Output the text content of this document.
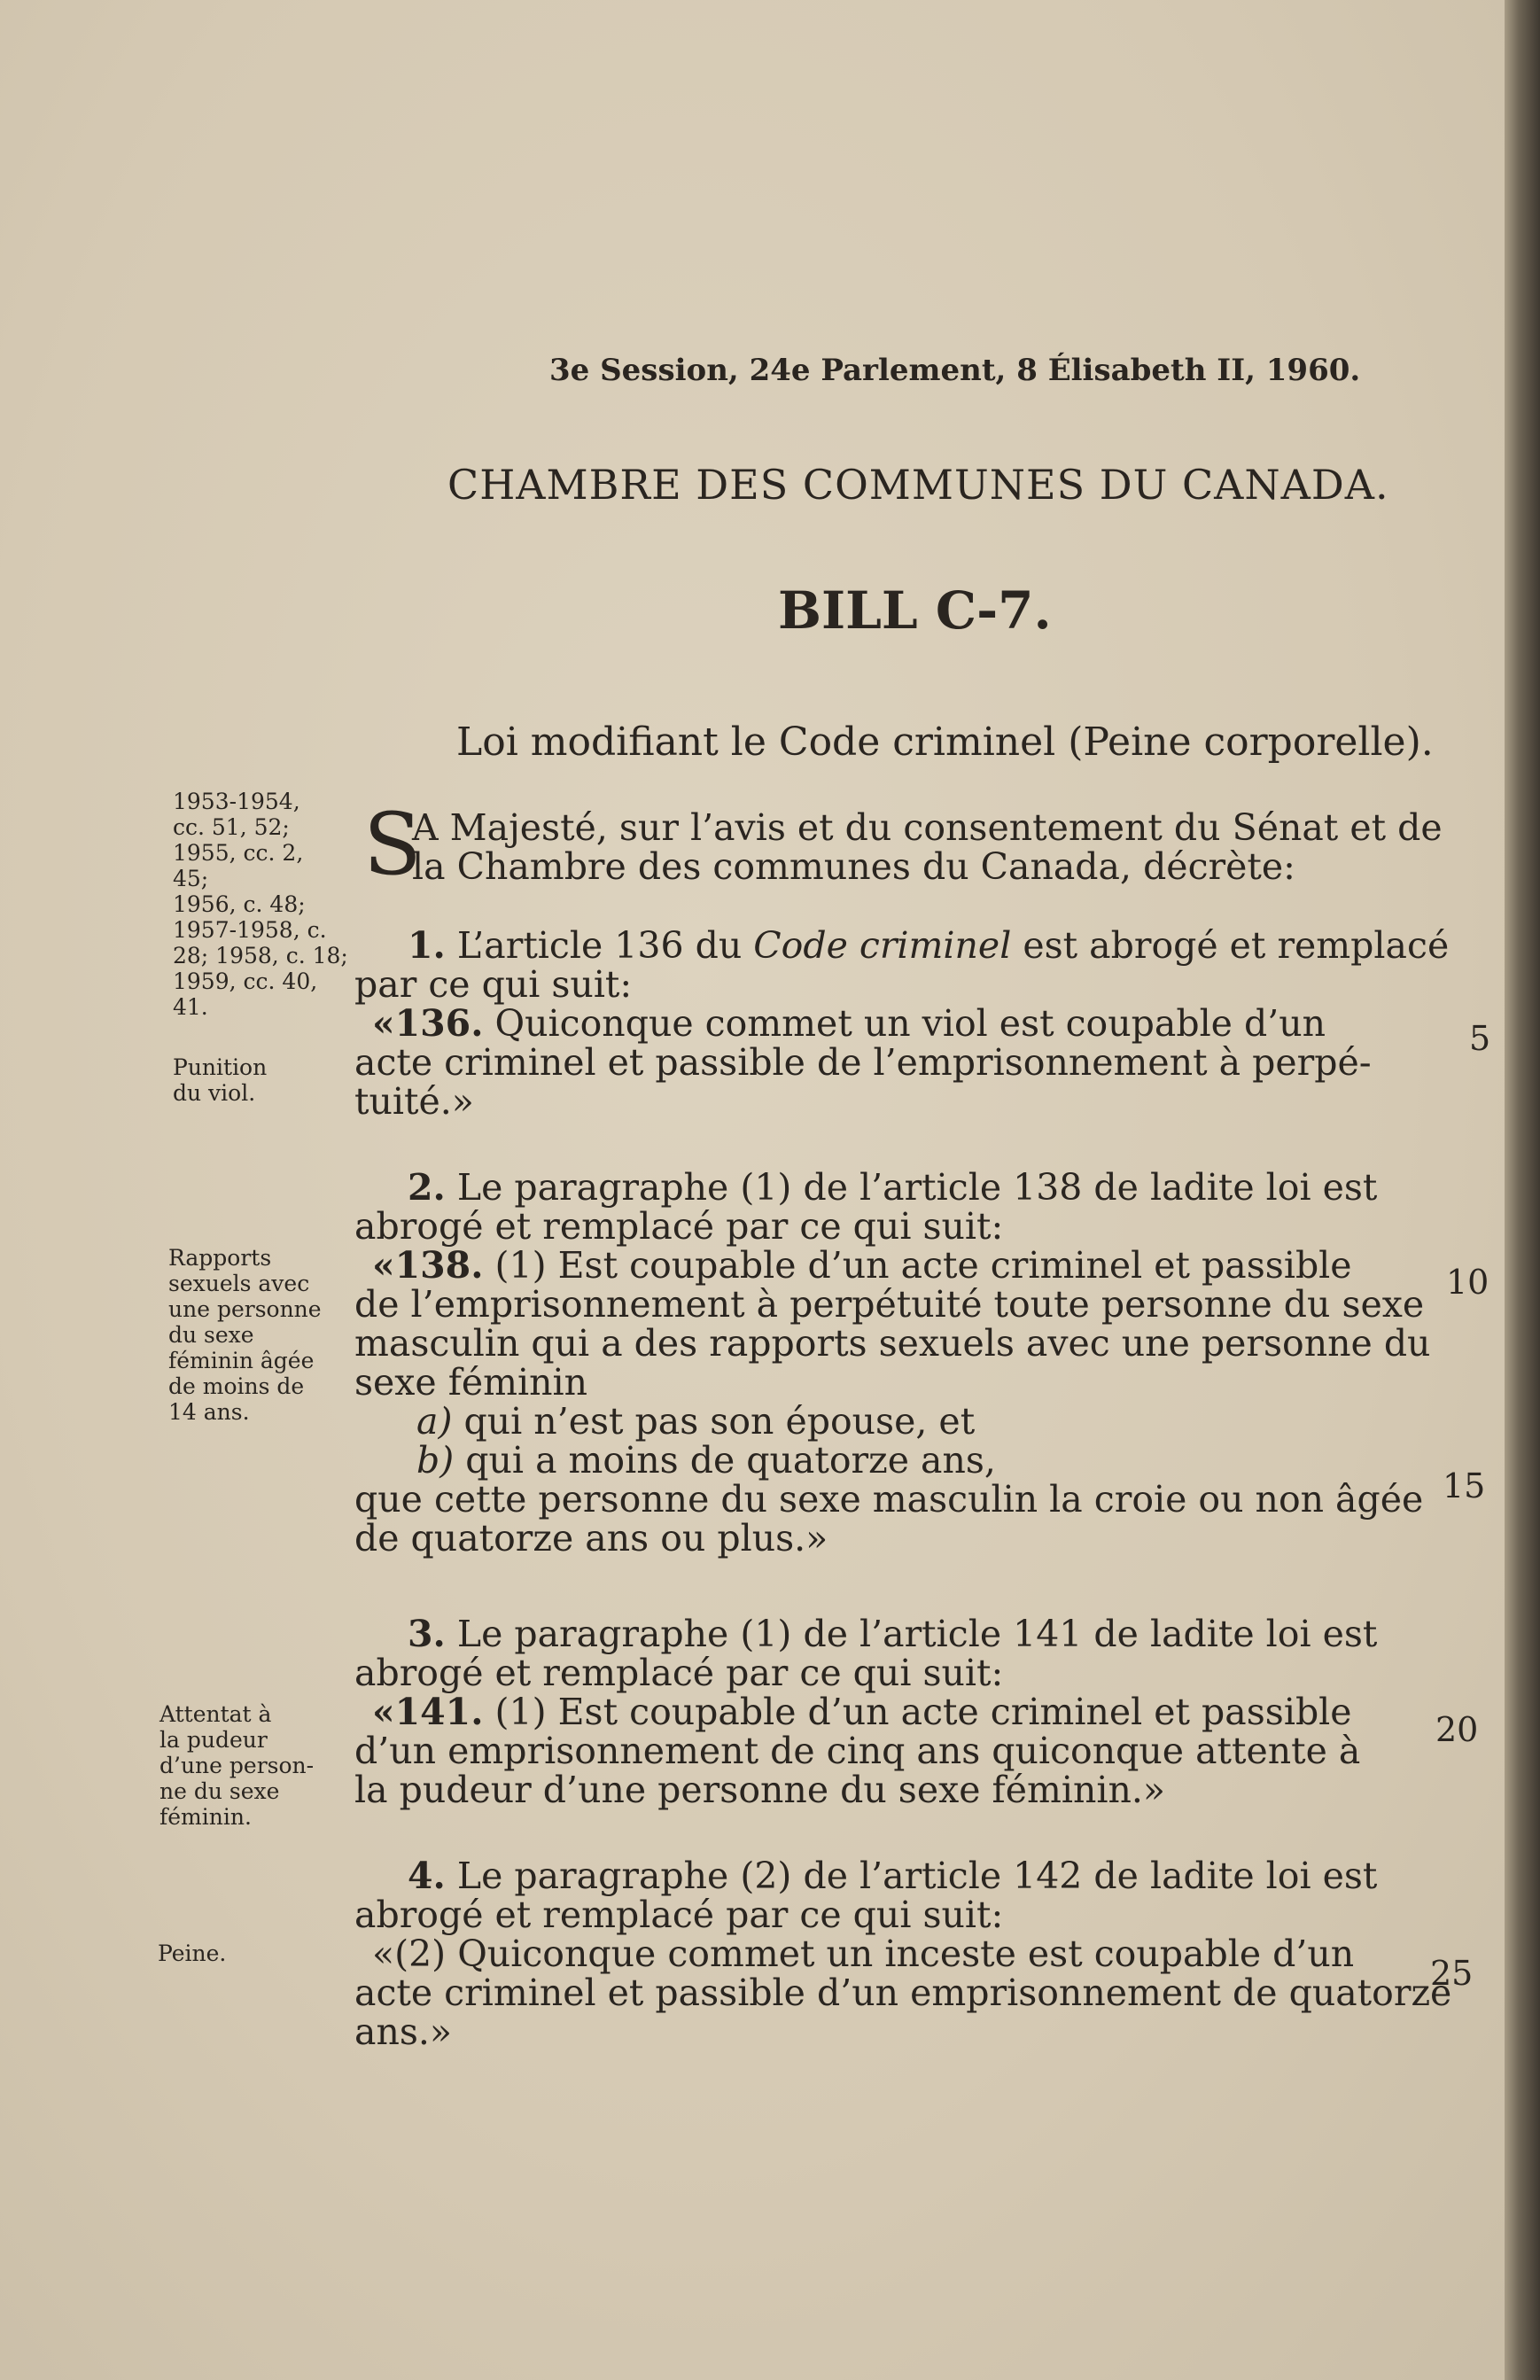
3e Session, 24e Parlement, 8 Élisabeth II, 1960.

CHAMBRE DES COMMUNES DU CANADA.

BILL C-7.

Loi modifiant le Code criminel (Peine corporelle).

1953-1954,
cc. 51, 52;
1955, cc. 2,
45;
1956, c. 48;
1957-1958, c.
28; 1958, c. 18;
1959, cc. 40,
41.
Punition
du viol.
Rapports
sexuels avec
une personne
du sexe
féminin âgée
de moins de
14 ans.
Attentat à
la pudeur
d’une person-
ne du sexe
féminin.
Peine.
S
A Majesté, sur l’avis et du consentement du Sénat et de
la Chambre des communes du Canada, décrète:
1. L’article 136 du Code criminel est abrogé et remplacé
par ce qui suit:
«136. Quiconque commet un viol est coupable d’un
acte criminel et passible de l’emprisonnement à perpé-
tuité.»
2. Le paragraphe (1) de l’article 138 de ladite loi est
abrogé et remplacé par ce qui suit:
«138. (1) Est coupable d’un acte criminel et passible
de l’emprisonnement à perpétuité toute personne du sexe
masculin qui a des rapports sexuels avec une personne du
sexe féminin
a) qui n’est pas son épouse, et
b) qui a moins de quatorze ans,
que cette personne du sexe masculin la croie ou non âgée
de quatorze ans ou plus.»
3. Le paragraphe (1) de l’article 141 de ladite loi est
abrogé et remplacé par ce qui suit:
«141. (1) Est coupable d’un acte criminel et passible
d’un emprisonnement de cinq ans quiconque attente à
la pudeur d’une personne du sexe féminin.»
4. Le paragraphe (2) de l’article 142 de ladite loi est
abrogé et remplacé par ce qui suit:
«(2) Quiconque commet un inceste est coupable d’un
acte criminel et passible d’un emprisonnement de quatorze
ans.»
5
10
15
20
25
